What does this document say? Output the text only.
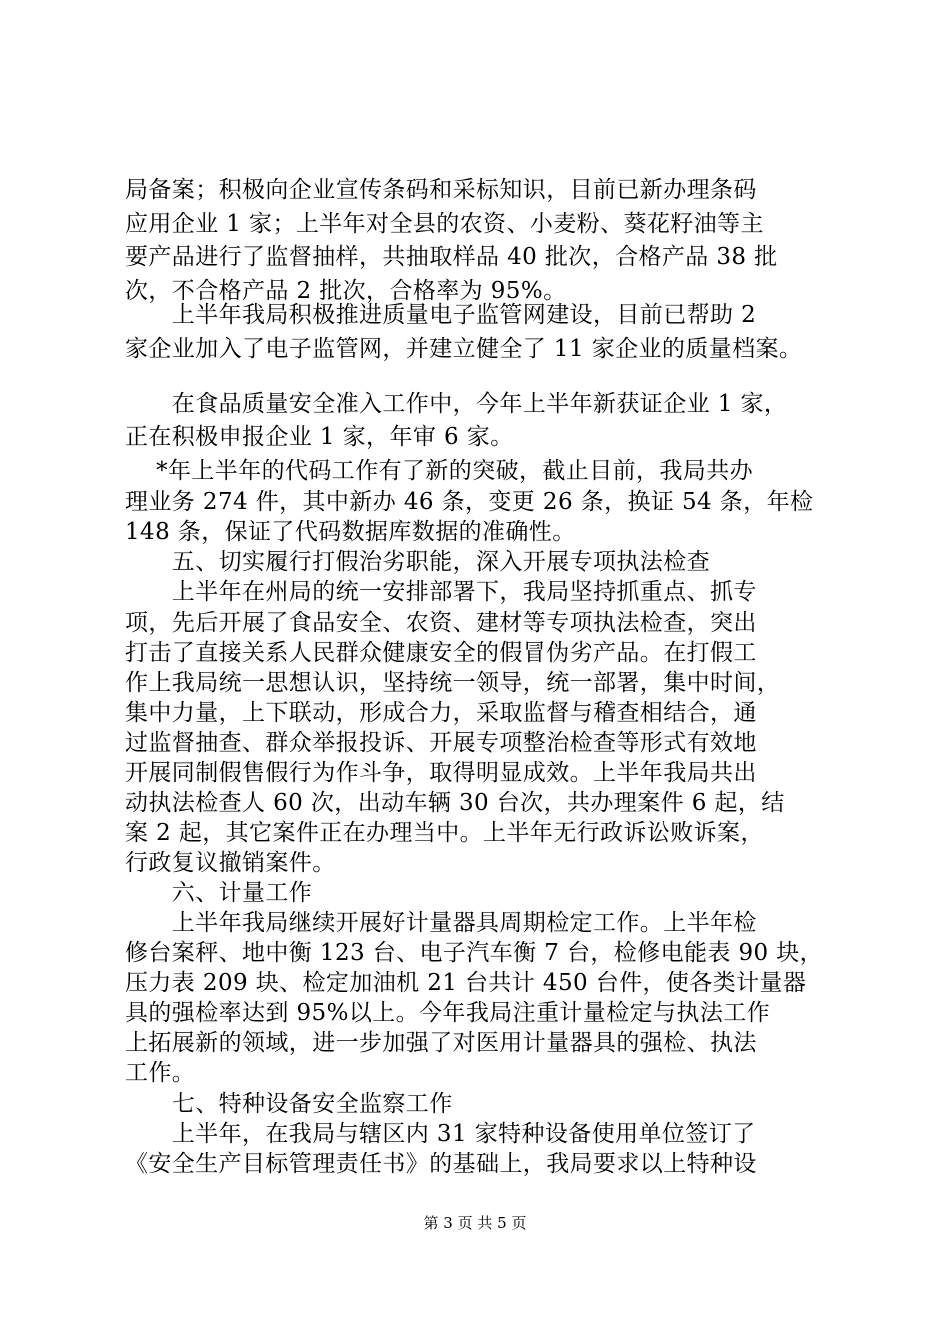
局备案；积极向企业宣传条码和采标知识，目前已新办理条码
应用企业 1 家；上半年对全县的农资、小麦粉、葵花籽油等主
要产品进行了监督抽样，共抽取样品 40 批次，合格产品 38 批
次，不合格产品 2 批次，合格率为 95%。
　　上半年我局积极推进质量电子监管网建设，目前已帮助 2
家企业加入了电子监管网，并建立健全了 11 家企业的质量档案。
　　在食品质量安全准入工作中，今年上半年新获证企业 1 家，
正在积极申报企业 1 家，年审 6 家。
　 *年上半年的代码工作有了新的突破，截止目前，我局共办
理业务 274 件，其中新办 46 条，变更 26 条，换证 54 条，年检
148 条，保证了代码数据库数据的准确性。
　　五、切实履行打假治劣职能，深入开展专项执法检查
　　上半年在州局的统一安排部署下，我局坚持抓重点、抓专
项，先后开展了食品安全、农资、建材等专项执法检查，突出
打击了直接关系人民群众健康安全的假冒伪劣产品。在打假工
作上我局统一思想认识，坚持统一领导，统一部署，集中时间，
集中力量，上下联动，形成合力，采取监督与稽查相结合，通
过监督抽查、群众举报投诉、开展专项整治检查等形式有效地
开展同制假售假行为作斗争，取得明显成效。上半年我局共出
动执法检查人 60 次，出动车辆 30 台次，共办理案件 6 起，结
案 2 起，其它案件正在办理当中。上半年无行政诉讼败诉案，
行政复议撤销案件。
　　六、计量工作
　　上半年我局继续开展好计量器具周期检定工作。上半年检
修台案秤、地中衡 123 台、电子汽车衡 7 台，检修电能表 90 块，
压力表 209 块、检定加油机 21 台共计 450 台件，使各类计量器
具的强检率达到 95%以上。今年我局注重计量检定与执法工作
上拓展新的领域，进一步加强了对医用计量器具的强检、执法
工作。
　　七、特种设备安全监察工作
　　上半年，在我局与辖区内 31 家特种设备使用单位签订了
《安全生产目标管理责任书》的基础上，我局要求以上特种设
第 3 页 共 5 页
